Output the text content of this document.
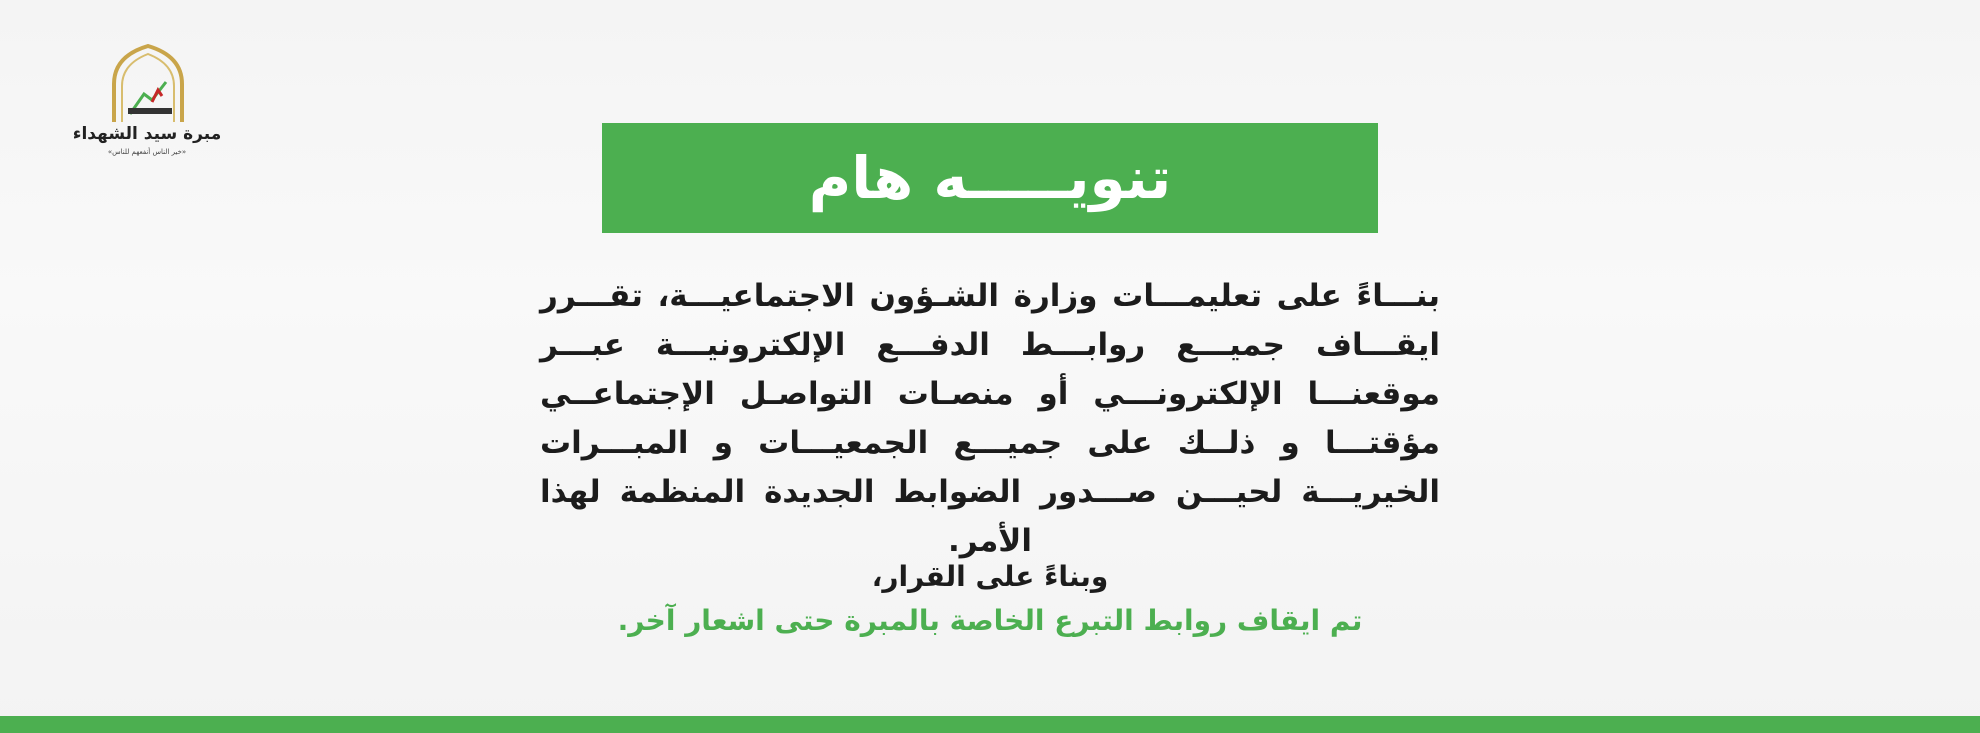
مبرة سيد الشهداء
«خير الناس أنفعهم للناس»	تنويـــــه هام
بنـــاءً على تعليمـــات وزارة الشـؤون الاجتماعيـــة، تقـــرر ايقـــاف جميـــع روابـــط الدفـــع الإلكترونيـــة عبـــر موقعنـــا الإلكترونـــي أو منصـات التواصـل الإجتماعــي مؤقتـــا و ذلــك على جميـــع الجمعيـــات و المبـــرات الخيريـــة لحيـــن صـــدور الضوابط الجديدة المنظمة لهذا الأمر.
وبناءً على القرار،
تم ايقاف روابط التبرع الخاصة بالمبرة حتى اشعار آخر.
